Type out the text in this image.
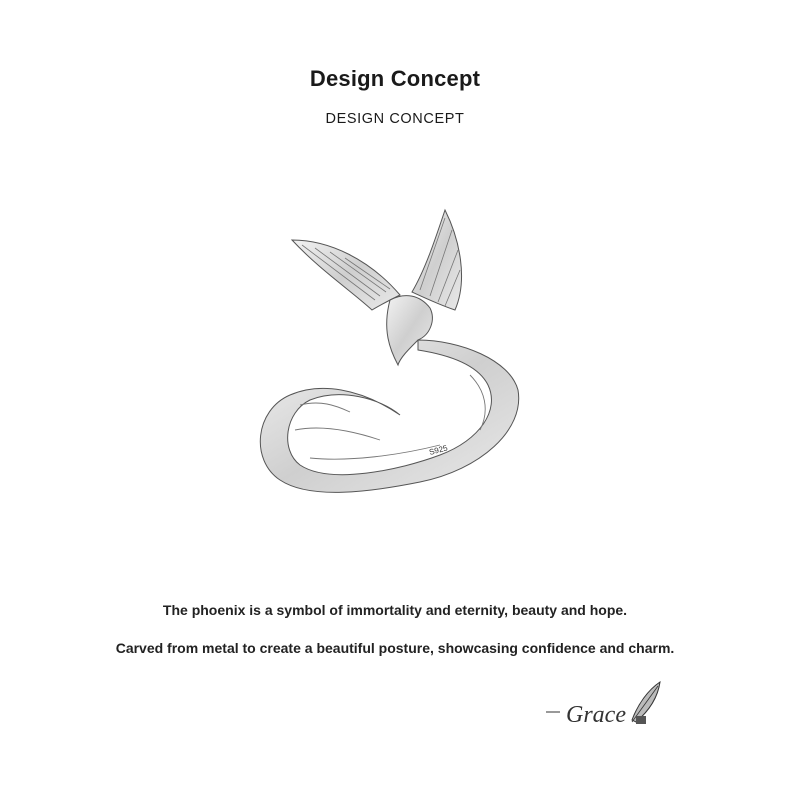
Design Concept
DESIGN CONCEPT
S925
The phoenix is a symbol of immortality and eternity, beauty and hope.
Carved from metal to create a beautiful posture, showcasing confidence and charm.
Grace
